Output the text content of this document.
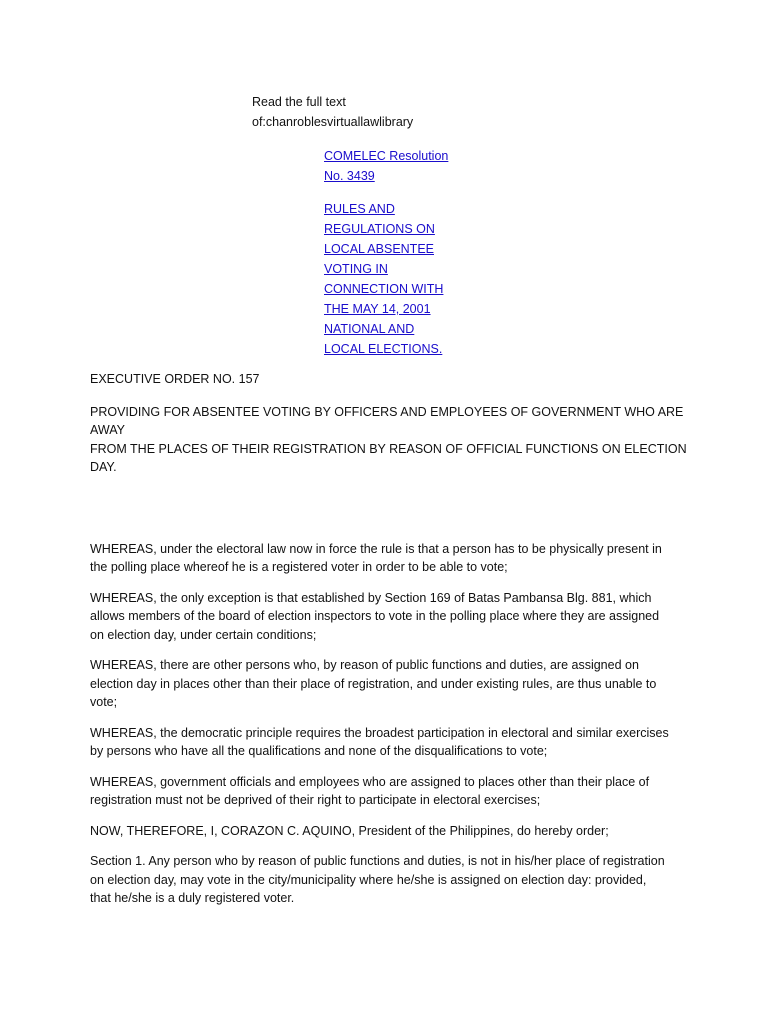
Read the full text
of:chanroblesvirtuallawlibrary
COMELEC Resolution
No. 3439
RULES AND
REGULATIONS ON
LOCAL ABSENTEE
VOTING IN
CONNECTION WITH
THE MAY 14, 2001
NATIONAL AND
LOCAL ELECTIONS.

EXECUTIVE ORDER NO. 157

PROVIDING FOR ABSENTEE VOTING BY OFFICERS AND EMPLOYEES OF GOVERNMENT WHO ARE AWAY
FROM THE PLACES OF THEIR REGISTRATION BY REASON OF OFFICIAL FUNCTIONS ON ELECTION DAY.

WHEREAS, under the electoral law now in force the rule is that a person has to be physically present in
the polling place whereof he is a registered voter in order to be able to vote;

WHEREAS, the only exception is that established by Section 169 of Batas Pambansa Blg. 881, which
allows members of the board of election inspectors to vote in the polling place where they are assigned
on election day, under certain conditions;

WHEREAS, there are other persons who, by reason of public functions and duties, are assigned on
election day in places other than their place of registration, and under existing rules, are thus unable to
vote;

WHEREAS, the democratic principle requires the broadest participation in electoral and similar exercises
by persons who have all the qualifications and none of the disqualifications to vote;

WHEREAS, government officials and employees who are assigned to places other than their place of
registration must not be deprived of their right to participate in electoral exercises;

NOW, THEREFORE, I, CORAZON C. AQUINO, President of the Philippines, do hereby order;

Section 1. Any person who by reason of public functions and duties, is not in his/her place of registration
on election day, may vote in the city/municipality where he/she is assigned on election day: provided,
that he/she is a duly registered voter.
